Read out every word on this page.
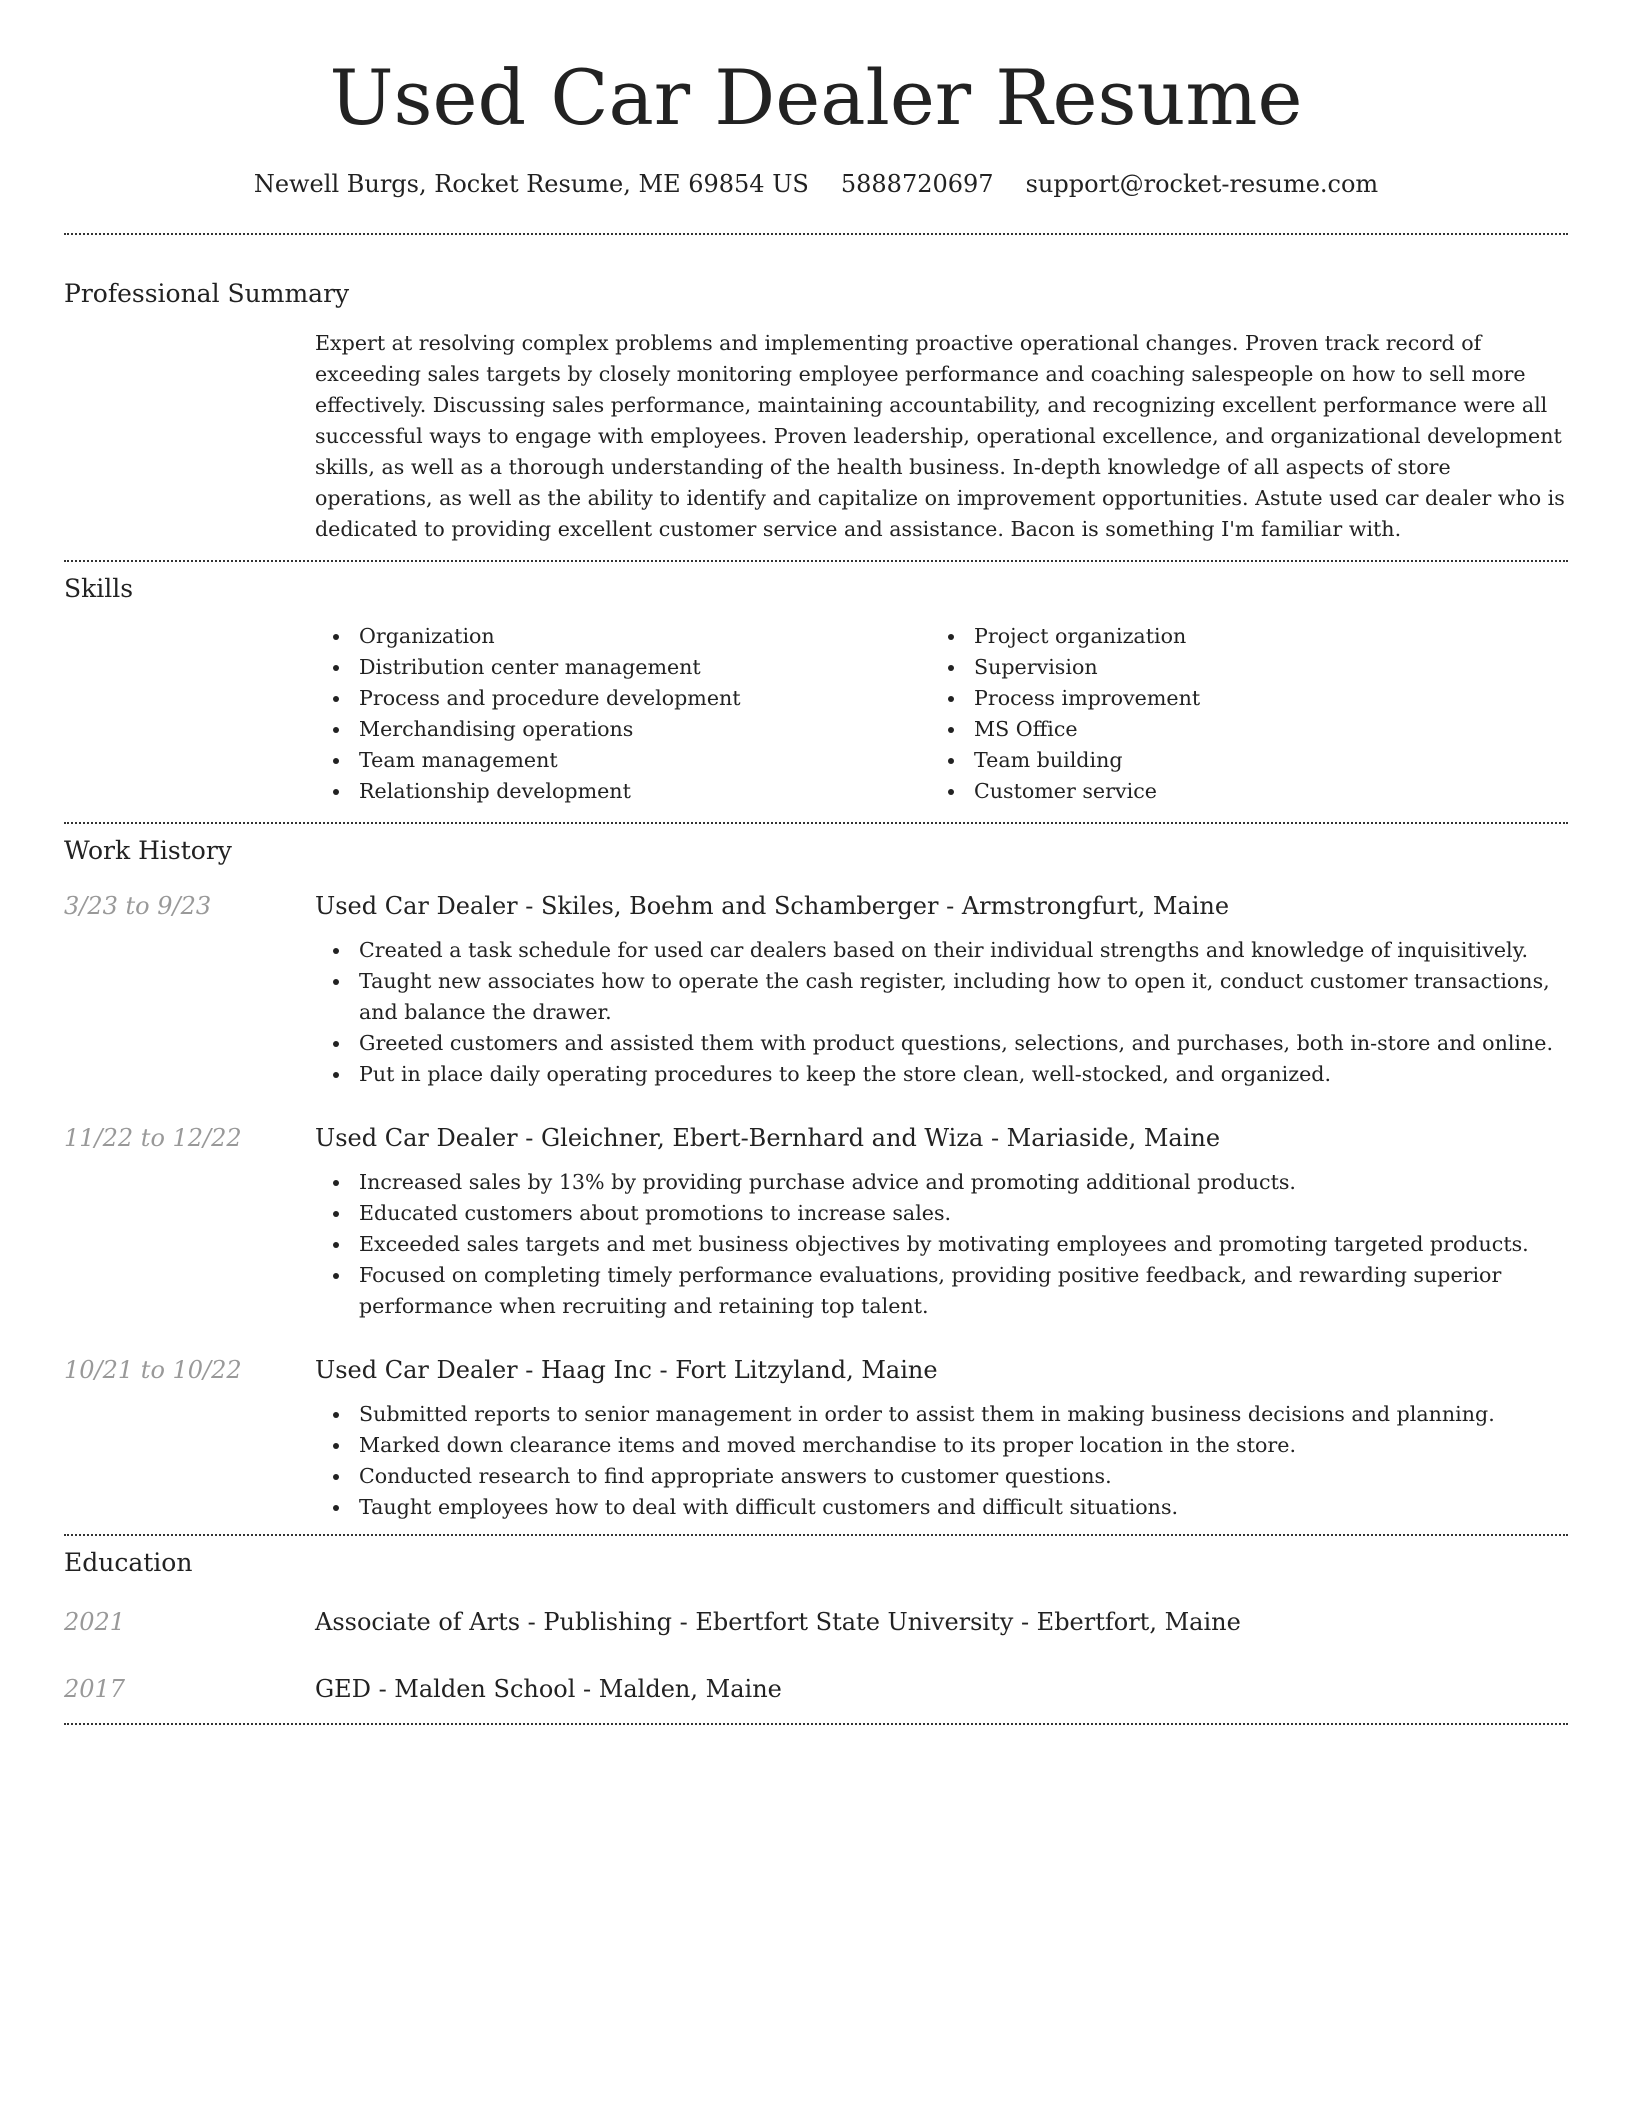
Used Car Dealer Resume
Newell Burgs, Rocket Resume, ME 69854 US 5888720697 support@rocket-resume.com
Professional Summary
Expert at resolving complex problems and implementing proactive operational changes. Proven track record of exceeding sales targets by closely monitoring employee performance and coaching salespeople on how to sell more effectively. Discussing sales performance, maintaining accountability, and recognizing excellent performance were all successful ways to engage with employees. Proven leadership, operational excellence, and organizational development skills, as well as a thorough understanding of the health business. In-depth knowledge of all aspects of store operations, as well as the ability to identify and capitalize on improvement opportunities. Astute used car dealer who is dedicated to providing excellent customer service and assistance. Bacon is something I'm familiar with.
Skills
Organization
Distribution center management
Process and procedure development
Merchandising operations
Team management
Relationship development
Project organization
Supervision
Process improvement
MS Office
Team building
Customer service
Work History
3/23 to 9/23	Used Car Dealer - Skiles, Boehm and Schamberger - Armstrongfurt, Maine
Created a task schedule for used car dealers based on their individual strengths and knowledge of inquisitively.
Taught new associates how to operate the cash register, including how to open it, conduct customer transactions, and balance the drawer.
Greeted customers and assisted them with product questions, selections, and purchases, both in-store and online.
Put in place daily operating procedures to keep the store clean, well-stocked, and organized.
11/22 to 12/22	Used Car Dealer - Gleichner, Ebert-Bernhard and Wiza - Mariaside, Maine
Increased sales by 13% by providing purchase advice and promoting additional products.
Educated customers about promotions to increase sales.
Exceeded sales targets and met business objectives by motivating employees and promoting targeted products.
Focused on completing timely performance evaluations, providing positive feedback, and rewarding superior performance when recruiting and retaining top talent.
10/21 to 10/22	Used Car Dealer - Haag Inc - Fort Litzyland, Maine
Submitted reports to senior management in order to assist them in making business decisions and planning.
Marked down clearance items and moved merchandise to its proper location in the store.
Conducted research to find appropriate answers to customer questions.
Taught employees how to deal with difficult customers and difficult situations.
Education
2021	Associate of Arts - Publishing - Ebertfort State University - Ebertfort, Maine
2017	GED - Malden School - Malden, Maine
